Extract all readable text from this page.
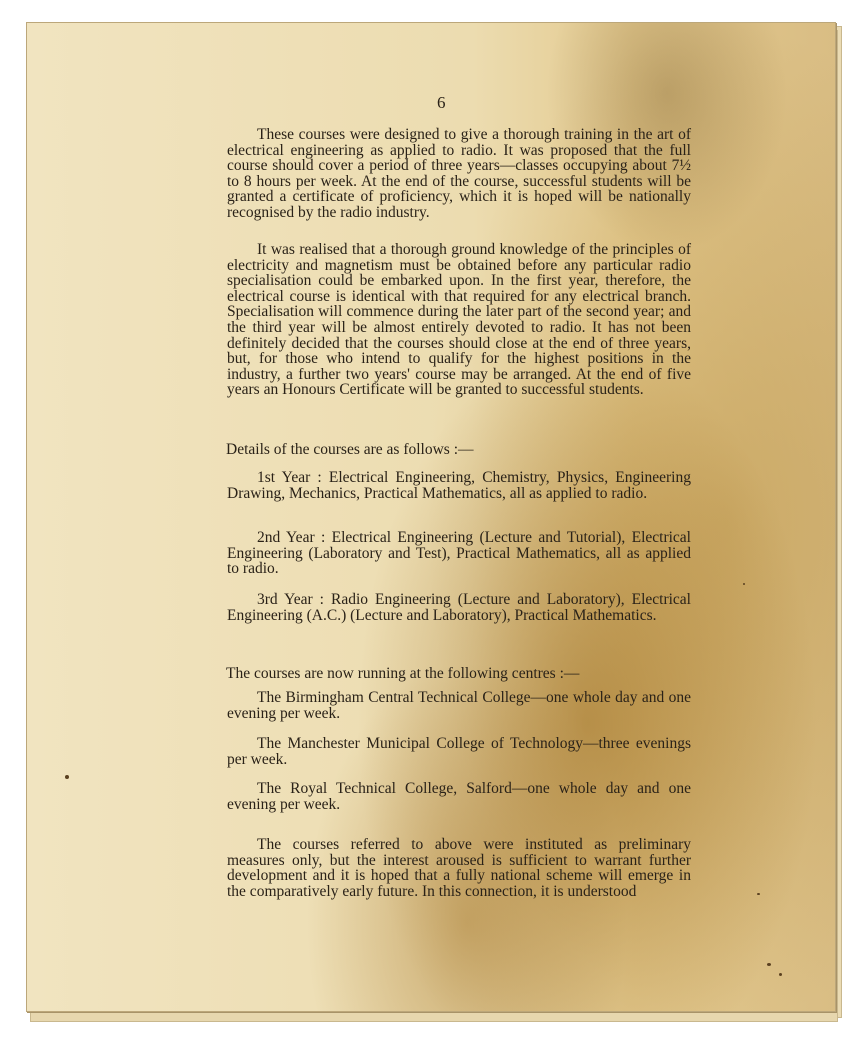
6

These courses were designed to give a thorough training in the art of electrical engineering as applied to radio. It was proposed that the full course should cover a period of three years—classes occupying about 7½ to 8 hours per week. At the end of the course, successful students will be granted a certificate of proficiency, which it is hoped will be nationally recognised by the radio industry.

It was realised that a thorough ground knowledge of the principles of electricity and magnetism must be obtained before any particular radio specialisation could be embarked upon. In the first year, therefore, the electrical course is identical with that required for any electrical branch. Specialisation will commence during the later part of the second year; and the third year will be almost entirely devoted to radio. It has not been definitely decided that the courses should close at the end of three years, but, for those who intend to qualify for the highest positions in the industry, a further two years' course may be arranged. At the end of five years an Honours Certificate will be granted to successful students.

Details of the courses are as follows :—

1st Year : Electrical Engineering, Chemistry, Physics, Engineering Drawing, Mechanics, Practical Mathematics, all as applied to radio.

2nd Year : Electrical Engineering (Lecture and Tutorial), Electrical Engineering (Laboratory and Test), Practical Mathematics, all as applied to radio.

3rd Year : Radio Engineering (Lecture and Laboratory), Electrical Engineering (A.C.) (Lecture and Laboratory), Practical Mathematics.

The courses are now running at the following centres :—

The Birmingham Central Technical College—one whole day and one evening per week.

The Manchester Municipal College of Technology—three evenings per week.

The Royal Technical College, Salford—one whole day and one evening per week.

The courses referred to above were instituted as preliminary measures only, but the interest aroused is sufficient to warrant further development and it is hoped that a fully national scheme will emerge in the comparatively early future. In this connection, it is understood
